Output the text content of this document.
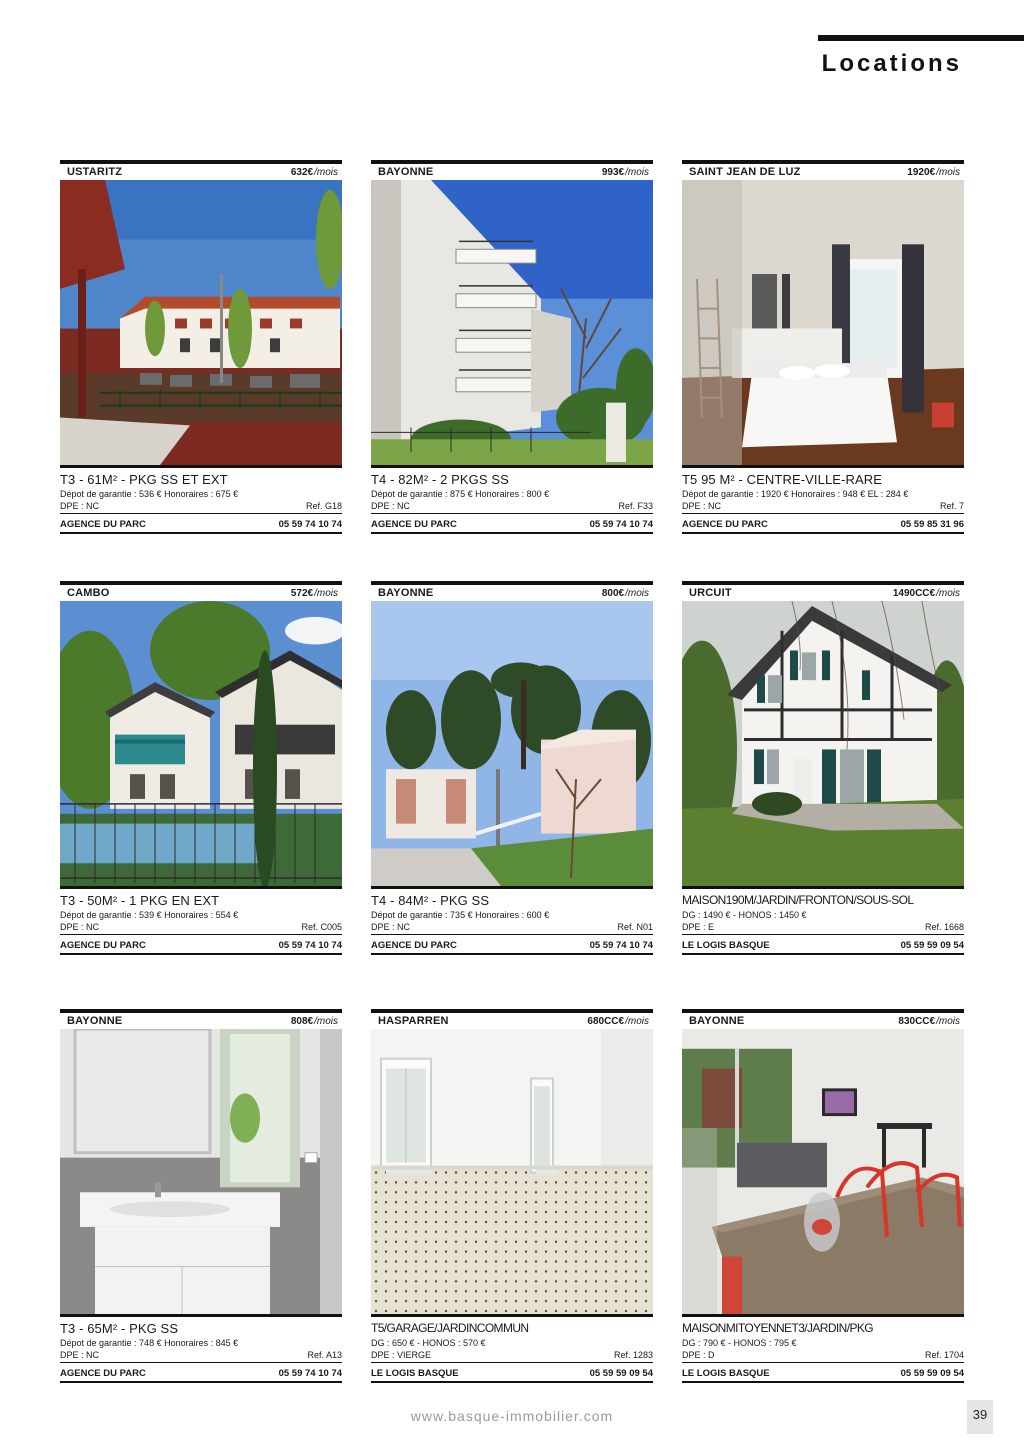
Locations
USTARITZ	632€/mois
T3 - 61M² - PKG SS ET EXT
Dépot de garantie : 536 € Honoraires : 675 €
DPE : NC	Ref. G18
AGENCE DU PARC	05 59 74 10 74
BAYONNE	993€/mois
T4 - 82M² - 2 PKGS SS
Dépot de garantie : 875 € Honoraires : 800 €
DPE : NC	Ref. F33
AGENCE DU PARC	05 59 74 10 74
SAINT JEAN DE LUZ	1920€/mois
T5 95 M² - CENTRE-VILLE-RARE
Dépot de garantie : 1920 € Honoraires : 948 € EL : 284 €
DPE : NC	Ref. 7
AGENCE DU PARC	05 59 85 31 96
CAMBO	572€/mois
T3 - 50M² - 1 PKG EN EXT
Dépot de garantie : 539 € Honoraires : 554 €
DPE : NC	Ref. C005
AGENCE DU PARC	05 59 74 10 74
BAYONNE	800€/mois
T4 - 84M² - PKG SS
Dépot de garantie : 735 € Honoraires : 600 €
DPE : NC	Ref. N01
AGENCE DU PARC	05 59 74 10 74
URCUIT	1490CC€/mois
MAISON190M/JARDIN/FRONTON/SOUS-SOL
DG : 1490 € - HONOS : 1450 €
DPE : E	Ref. 1668
LE LOGIS BASQUE	05 59 59 09 54
BAYONNE	808€/mois
T3 - 65M² - PKG SS
Dépot de garantie : 748 € Honoraires : 845 €
DPE : NC	Ref. A13
AGENCE DU PARC	05 59 74 10 74
HASPARREN	680CC€/mois
T5/GARAGE/JARDINCOMMUN
DG : 650 € - HONOS : 570 €
DPE : VIERGE	Ref. 1283
LE LOGIS BASQUE	05 59 59 09 54
BAYONNE	830CC€/mois
MAISONMITOYENNET3/JARDIN/PKG
DG : 790 € - HONOS : 795 €
DPE : D	Ref. 1704
LE LOGIS BASQUE	05 59 59 09 54
www.basque-immobilier.com	39
